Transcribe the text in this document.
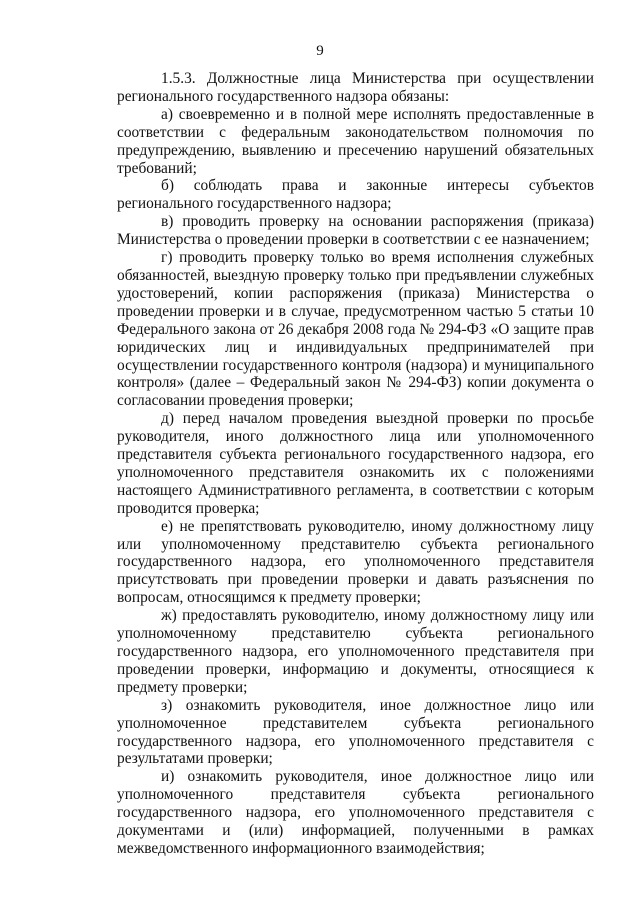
9

1.5.3. Должностные лица Министерства при осуществлении регионального государственного надзора обязаны:

а) своевременно и в полной мере исполнять предоставленные в соответствии с федеральным законодательством полномочия по предупреждению, выявлению и пресечению нарушений обязательных требований;

б) соблюдать права и законные интересы субъектов регионального государственного надзора;

в) проводить проверку на основании распоряжения (приказа) Министерства о проведении проверки в соответствии с ее назначением;

г) проводить проверку только во время исполнения служебных обязанностей, выездную проверку только при предъявлении служебных удостоверений, копии распоряжения (приказа) Министерства о проведении проверки и в случае, предусмотренном частью 5 статьи 10 Федерального закона от 26 декабря 2008 года № 294-ФЗ «О защите прав юридических лиц и индивидуальных предпринимателей при осуществлении государственного контроля (надзора) и муниципального контроля» (далее – Федеральный закон № 294-ФЗ) копии документа о согласовании проведения проверки;

д) перед началом проведения выездной проверки по просьбе руководителя, иного должностного лица или уполномоченного представителя субъекта регионального государственного надзора, его уполномоченного представителя ознакомить их с положениями настоящего Административного регламента, в соответствии с которым проводится проверка;

е) не препятствовать руководителю, иному должностному лицу или уполномоченному представителю субъекта регионального государственного надзора, его уполномоченного представителя присутствовать при проведении проверки и давать разъяснения по вопросам, относящимся к предмету проверки;

ж) предоставлять руководителю, иному должностному лицу или уполномоченному представителю субъекта регионального государственного надзора, его уполномоченного представителя при проведении проверки, информацию и документы, относящиеся к предмету проверки;

з) ознакомить руководителя, иное должностное лицо или уполномоченное представителем субъекта регионального государственного надзора, его уполномоченного представителя с результатами проверки;

и) ознакомить руководителя, иное должностное лицо или уполномоченного представителя субъекта регионального государственного надзора, его уполномоченного представителя с документами и (или) информацией, полученными в рамках межведомственного информационного взаимодействия;
